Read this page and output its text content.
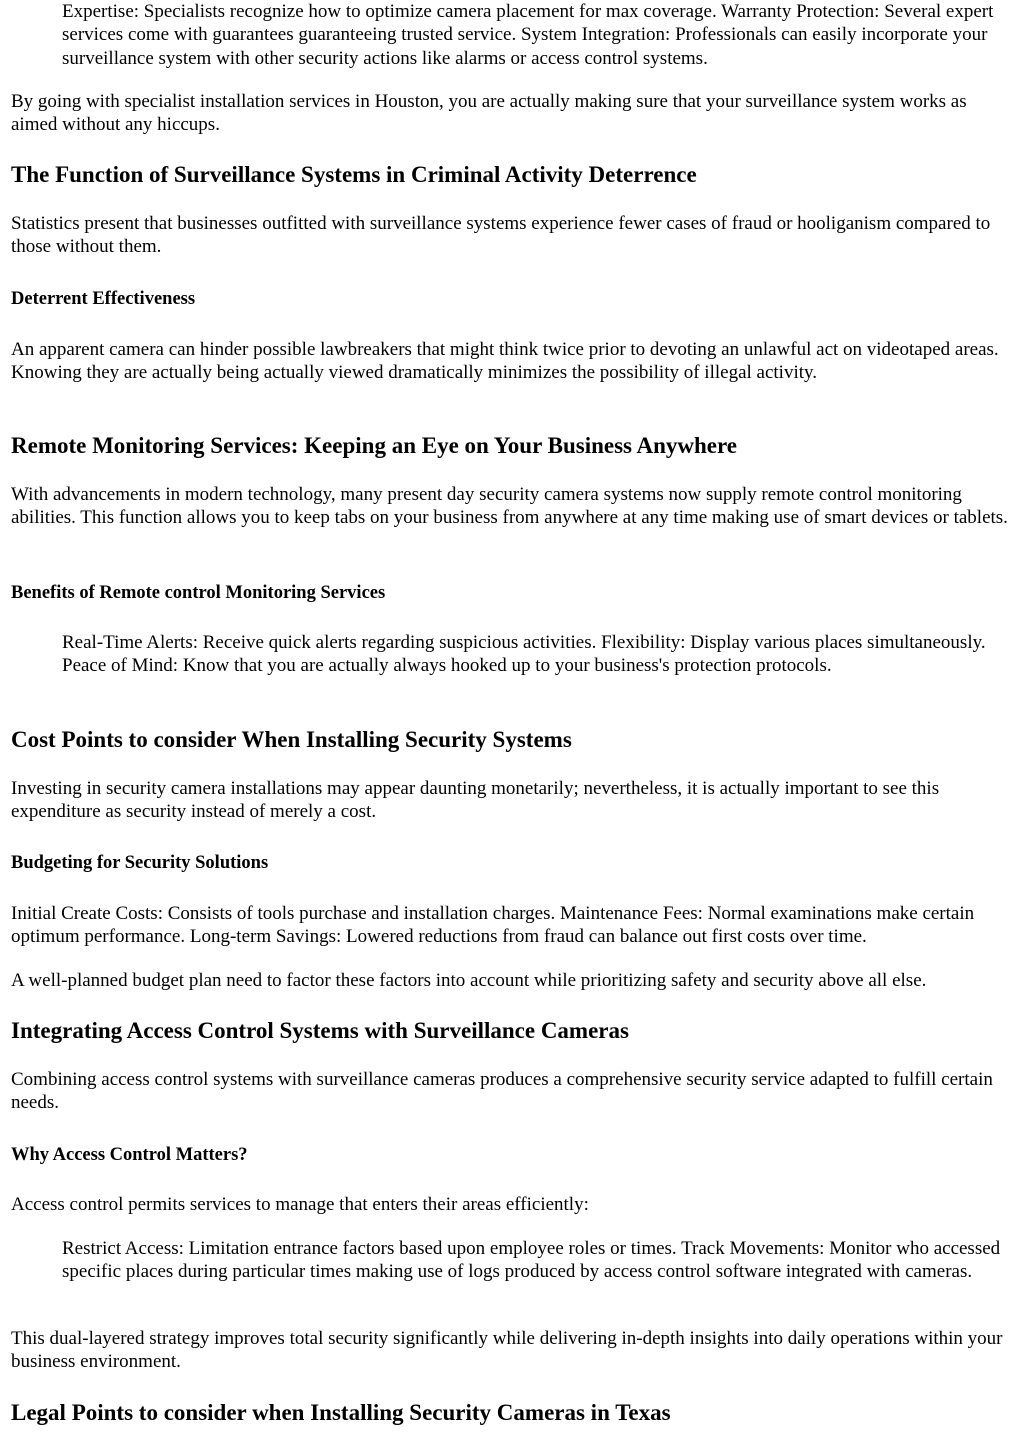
Expertise: Specialists recognize how to optimize camera placement for max coverage. Warranty Protection: Several expert services come with guarantees guaranteeing trusted service. System Integration: Professionals can easily incorporate your surveillance system with other security actions like alarms or access control systems.

By going with specialist installation services in Houston, you are actually making sure that your surveillance system works as aimed without any hiccups.

The Function of Surveillance Systems in Criminal Activity Deterrence

Statistics present that businesses outfitted with surveillance systems experience fewer cases of fraud or hooliganism compared to those without them.

Deterrent Effectiveness

An apparent camera can hinder possible lawbreakers that might think twice prior to devoting an unlawful act on videotaped areas. Knowing they are actually being actually viewed dramatically minimizes the possibility of illegal activity.

Remote Monitoring Services: Keeping an Eye on Your Business Anywhere

With advancements in modern technology, many present day security camera systems now supply remote control monitoring abilities. This function allows you to keep tabs on your business from anywhere at any time making use of smart devices or tablets.

Benefits of Remote control Monitoring Services

Real-Time Alerts: Receive quick alerts regarding suspicious activities. Flexibility: Display various places simultaneously. Peace of Mind: Know that you are actually always hooked up to your business's protection protocols.

Cost Points to consider When Installing Security Systems

Investing in security camera installations may appear daunting monetarily; nevertheless, it is actually important to see this expenditure as security instead of merely a cost.

Budgeting for Security Solutions

Initial Create Costs: Consists of tools purchase and installation charges. Maintenance Fees: Normal examinations make certain optimum performance. Long-term Savings: Lowered reductions from fraud can balance out first costs over time.

A well-planned budget plan need to factor these factors into account while prioritizing safety and security above all else.

Integrating Access Control Systems with Surveillance Cameras

Combining access control systems with surveillance cameras produces a comprehensive security service adapted to fulfill certain needs.

Why Access Control Matters?

Access control permits services to manage that enters their areas efficiently:

Restrict Access: Limitation entrance factors based upon employee roles or times. Track Movements: Monitor who accessed specific places during particular times making use of logs produced by access control software integrated with cameras.

This dual-layered strategy improves total security significantly while delivering in-depth insights into daily operations within your business environment.

Legal Points to consider when Installing Security Cameras in Texas
